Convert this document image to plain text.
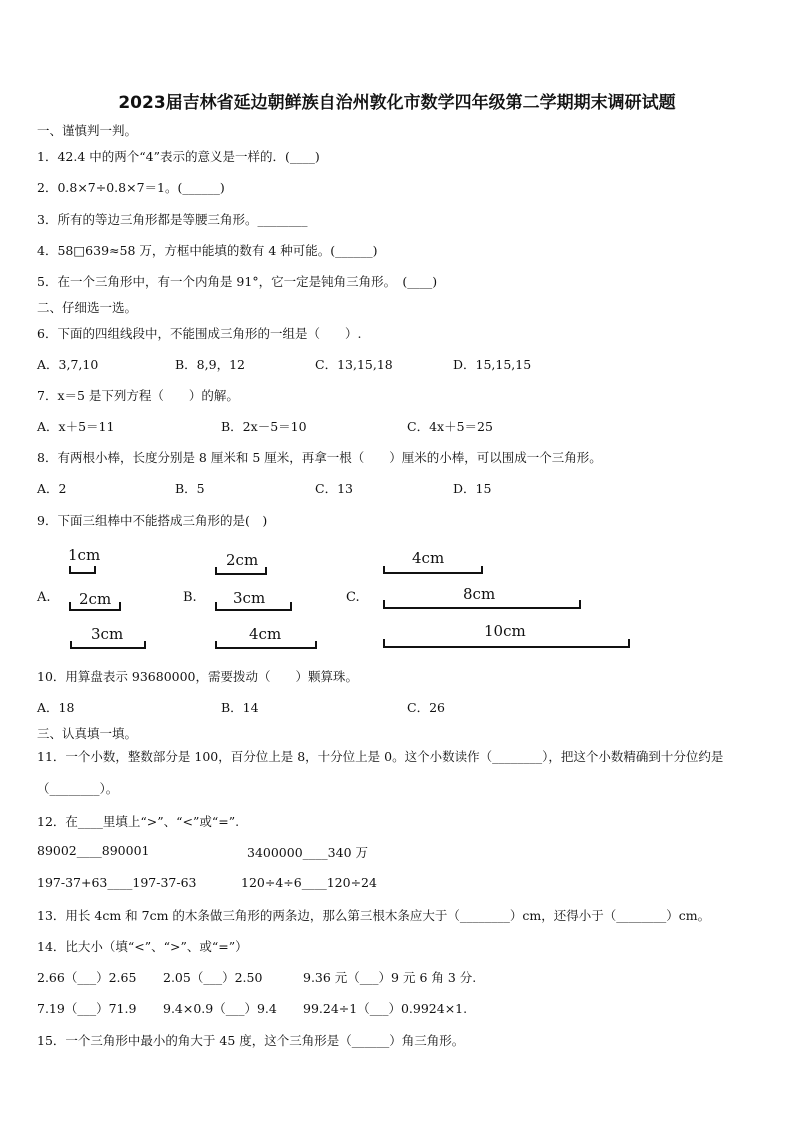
2023届吉林省延边朝鲜族自治州敦化市数学四年级第二学期期末调研试题
一、谨慎判一判。
1．42.4 中的两个“4”表示的意义是一样的．(____)
2．0.8×7÷0.8×7＝1。(______)
3．所有的等边三角形都是等腰三角形。________
4．58□639≈58 万，方框中能填的数有 4 种可能。(______)
5．在一个三角形中，有一个内角是 91°，它一定是钝角三角形。　(____)
二、仔细选一选。
6．下面的四组线段中，不能围成三角形的一组是（　　）.
A．3,7,10	B．8,9，12	C．13,15,18	D．15,15,15
7．x＝5 是下列方程（　　）的解。
A．x＋5＝11	B．2x－5＝10	C．4x＋5＝25
8．有两根小棒，长度分别是 8 厘米和 5 厘米，再拿一根（　　）厘米的小棒，可以围成一个三角形。
A．2	B．5	C．13	D．15
9．下面三组棒中不能搭成三角形的是(　)
A.	B.	C.
1cm
2cm
3cm
2cm
3cm
4cm
4cm
8cm
10cm
10．用算盘表示 93680000，需要拨动（　　）颗算珠。
A．18	B．14	C．26
三、认真填一填。
11．一个小数，整数部分是 100，百分位上是 8，十分位上是 0。这个小数读作（________），把这个小数精确到十分位约是（________）。
12．在____里填上“>”、“<”或“=”.
89002____890001	3400000____340 万
197-37+63____197-37-63	120÷4÷6____120÷24
13．用长 4cm 和 7cm 的木条做三角形的两条边，那么第三根木条应大于（________）cm，还得小于（________）cm。
14．比大小（填“<”、“>”、或“=”）
2.66（___）2.65 2.05（___）2.50	9.36 元（___）9 元 6 角 3 分.
7.19（___）71.9 9.4×0.9（___）9.4 99.24÷1（___）0.9924×1.
15．一个三角形中最小的角大于 45 度，这个三角形是（______）角三角形。
